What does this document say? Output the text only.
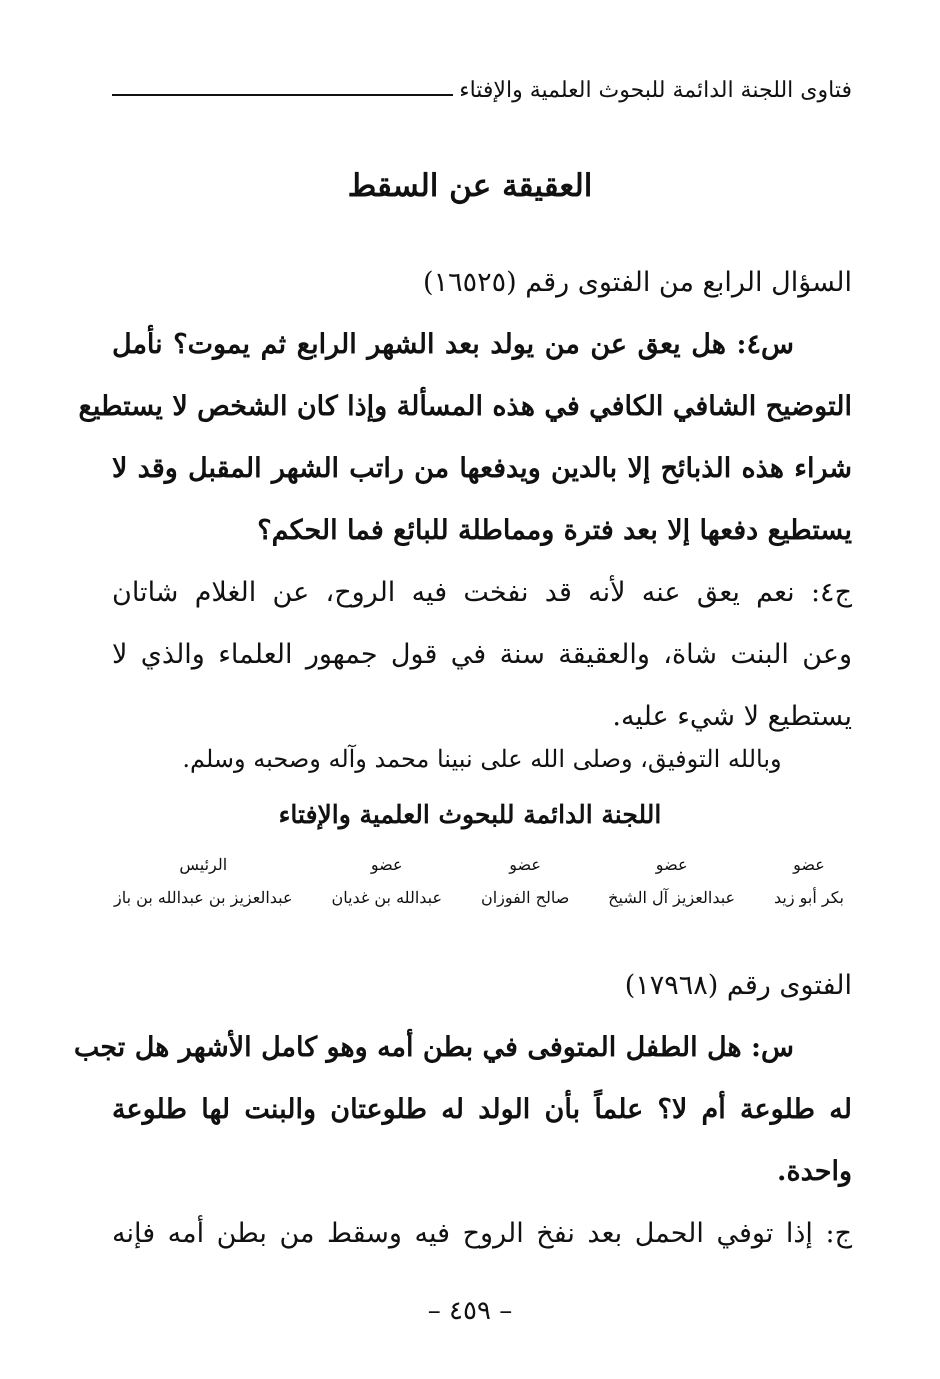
فتاوى اللجنة الدائمة للبحوث العلمية والإفتاء
العقيقة عن السقط
السؤال الرابع من الفتوى رقم (١٦٥٢٥)
س٤: هل يعق عن من يولد بعد الشهر الرابع ثم يموت؟ نأمل
التوضيح الشافي الكافي في هذه المسألة وإذا كان الشخص لا يستطيع
شراء هذه الذبائح إلا بالدين ويدفعها من راتب الشهر المقبل وقد لا
يستطيع دفعها إلا بعد فترة ومماطلة للبائع فما الحكم؟
ج٤: نعم يعق عنه لأنه قد نفخت فيه الروح، عن الغلام شاتان
وعن البنت شاة، والعقيقة سنة في قول جمهور العلماء والذي لا
يستطيع لا شيء عليه.
وبالله التوفيق، وصلى الله على نبينا محمد وآله وصحبه وسلم.
اللجنة الدائمة للبحوث العلمية والإفتاء
عضو
بكر أبو زيد
عضو
عبدالعزيز آل الشيخ
عضو
صالح الفوزان
عضو
عبدالله بن غديان
الرئيس
عبدالعزيز بن عبدالله بن باز
الفتوى رقم (١٧٩٦٨)
س: هل الطفل المتوفى في بطن أمه وهو كامل الأشهر هل تجب
له طلوعة أم لا؟ علماً بأن الولد له طلوعتان والبنت لها طلوعة
واحدة.
ج: إذا توفي الحمل بعد نفخ الروح فيه وسقط من بطن أمه فإنه
– ٤٥٩ –
